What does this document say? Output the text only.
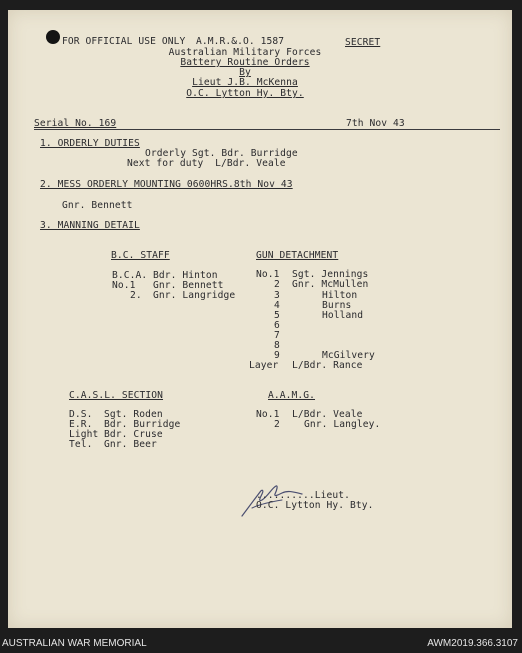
FOR OFFICIAL USE ONLY A.M.R.&.O. 1587	SECRET
Australian Military Forces
Battery Routine Orders
By
Lieut J.B. McKenna
O.C. Lytton Hy. Bty.
Serial No. 169	7th Nov 43
1. ORDERLY DUTIES
Orderly Sgt. Bdr. Burridge
Next for duty  L/Bdr. Veale
2. MESS ORDERLY MOUNTING 0600HRS.8th Nov 43
Gnr. Bennett
3. MANNING DETAIL
B.C. STAFF
B.C.A. Bdr. Hinton
No.1 Gnr. Bennett
2. Gnr. Langridge
GUN DETACHMENT
No.1 Sgt. Jennings
2 Gnr. McMullen
3	Hilton
4	Burns
5	Holland
6
7
8
9	McGilvery
Layer L/Bdr. Rance
C.A.S.L. SECTION
D.S. Sgt. Roden
E.R. Bdr. Burridge
Light Bdr. Cruse
Tel. Gnr. Beer
A.A.M.G.
No.1 L/Bdr. Veale
2	Gnr. Langley.
..........Lieut.
O.C. Lytton Hy. Bty.
AUSTRALIAN WAR MEMORIAL	AWM2019.366.3107
